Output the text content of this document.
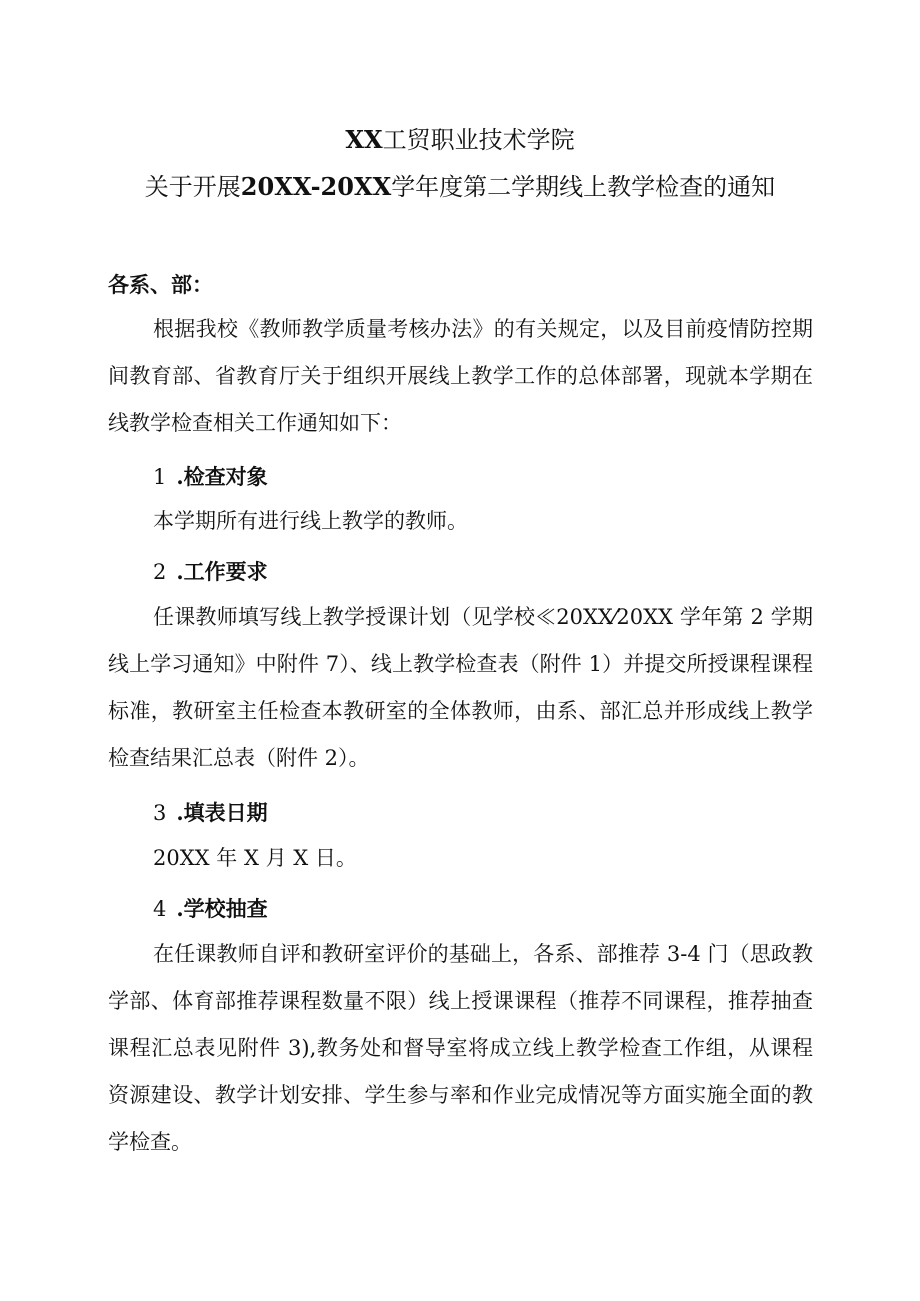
XX工贸职业技术学院
关于开展20XX-20XX学年度第二学期线上教学检查的通知
各系、部：

根据我校《教师教学质量考核办法》的有关规定，以及目前疫情防控期间教育部、省教育厅关于组织开展线上教学工作的总体部署，现就本学期在线教学检查相关工作通知如下：

1 .检查对象

本学期所有进行线上教学的教师。

2 .工作要求

任课教师填写线上教学授课计划（见学校≪20XX⁄20XX 学年第 2 学期线上学习通知》中附件 7）、线上教学检查表（附件 1）并提交所授课程课程标准，教研室主任检查本教研室的全体教师，由系、部汇总并形成线上教学检查结果汇总表（附件 2）。

3 .填表日期

20XX 年 X 月 X 日。

4 .学校抽查

在任课教师自评和教研室评价的基础上，各系、部推荐 3-4 门（思政教学部、体育部推荐课程数量不限）线上授课课程（推荐不同课程，推荐抽查课程汇总表见附件 3),教务处和督导室将成立线上教学检查工作组，从课程资源建设、教学计划安排、学生参与率和作业完成情况等方面实施全面的教学检查。
